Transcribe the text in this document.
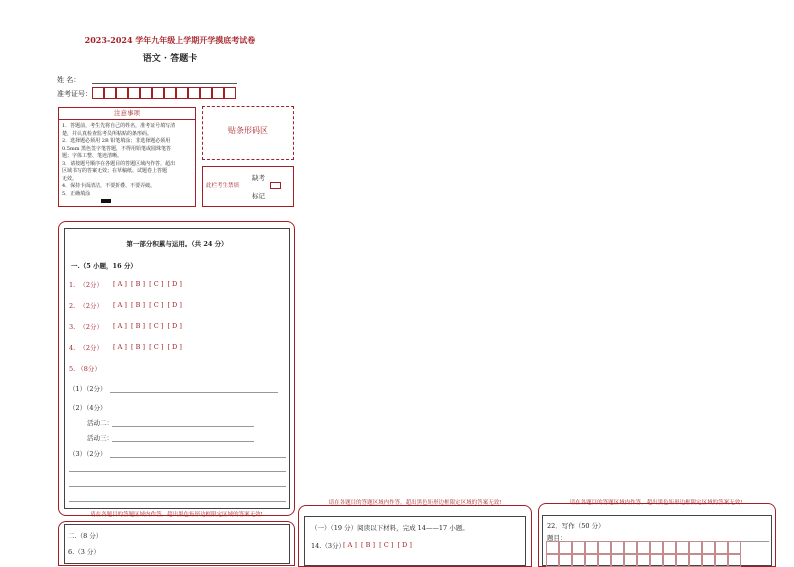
2023-2024 学年九年级上学期开学摸底考试卷
语文 · 答题卡
姓 名：
准考证号：
注意事项
1．答题前，考生先将自己的姓名，准考证号填写清
楚，并认真检查监考员所粘贴的条形码。
2．选择题必须用 2B 铅笔填涂；非选择题必须用
0.5mm 黑色签字笔答题，不得用铅笔或圆珠笔答
题；字体工整、笔迹清晰。
3．请按题号顺序在各题目的答题区域内作答，超出
区域书写的答案无效；在草稿纸、试题卷上答题
无效。
4．保持卡面清洁，不要折叠、不要弄破。
5．正确填涂
贴条形码区
此栏考生禁填
缺考
标记
第一部分积累与运用。（共 24 分）
一.（5 小题，16 分）
1.  （2分） [ A ]  [ B ]  [ C ]  [ D ]
2.  （2分） [ A ]  [ B ]  [ C ]  [ D ]
3.  （2分） [ A ]  [ B ]  [ C ]  [ D ]
4.  （2分） [ A ]  [ B ]  [ C ]  [ D ]
5. （8分）
（1）（2分）
（2）（4分）
活动二：
活动三：
（3）（2分）
请在各题目的答题区域内作答，超出黑色矩形边框限定区域的答案无效!
二.（8 分）
6.（3 分）
请在各题目的答题区域内作答，超出黑色矩形边框限定区域的答案无效!
（一）（19 分）阅读以下材料，完成 14——17 小题。
14.（3分）
[ A ]  [ B ]  [ C ]  [ D ]
请在各题目的答题区域内作答，超出黑色矩形边框限定区域的答案无效!
22．写作（50 分）
题目：
